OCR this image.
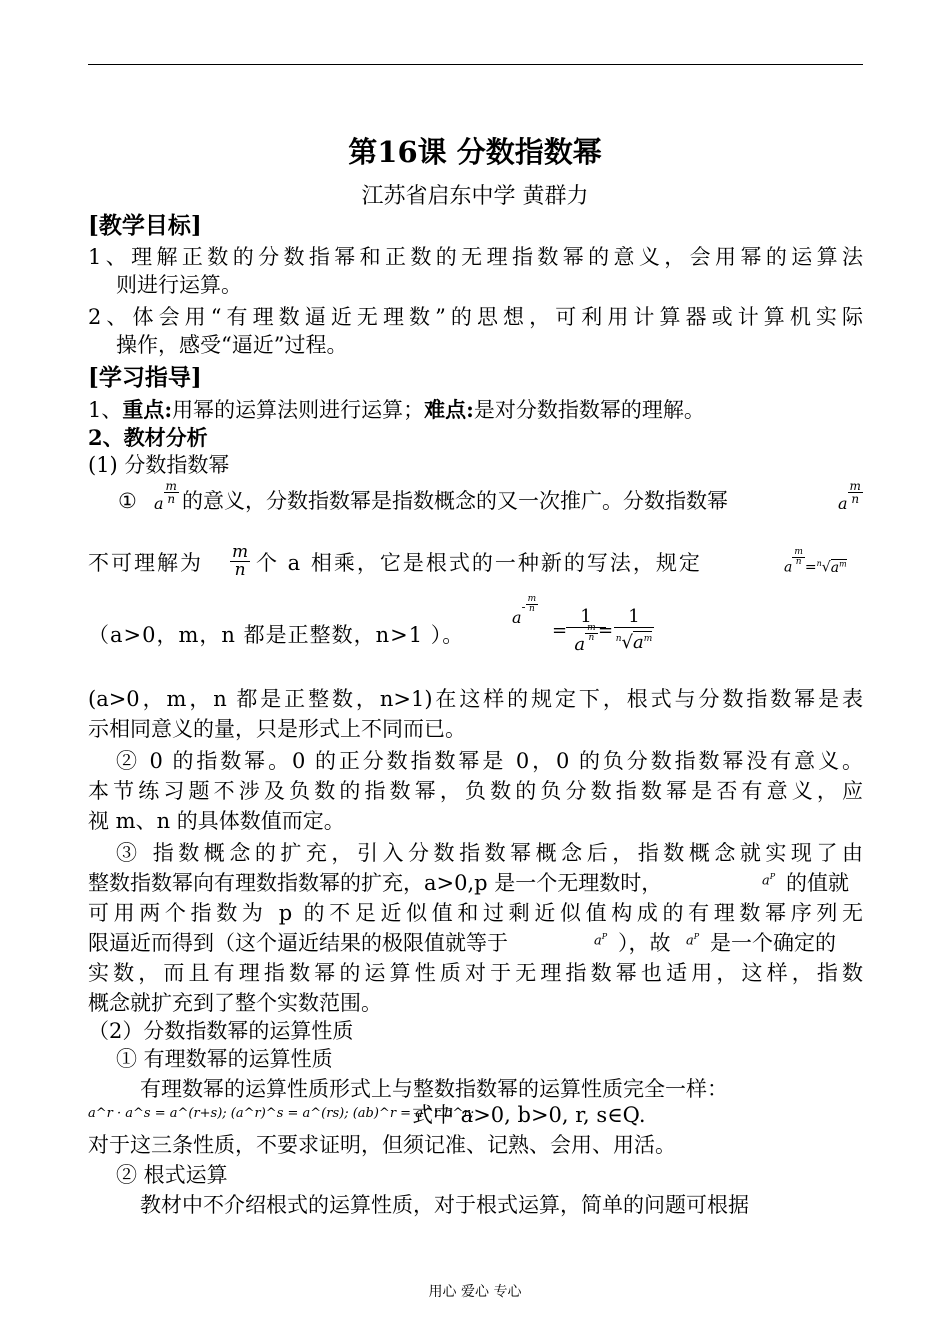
第16课 分数指数幂
江苏省启东中学 黄群力
[教学目标]
1、理解正数的分数指幂和正数的无理指数幂的意义，会用幂的运算法
则进行运算。
2、体会用“有理数逼近无理数”的思想，可利用计算器或计算机实际
操作，感受“逼近”过程。
[学习指导]
1、重点:用幂的运算法则进行运算；难点:是对分数指数幂的理解。
2、教材分析
(1) 分数指数幂
① a $\frac{m}{n}$ 的意义，分数指数幂是指数概念的又一次推广。分数指数幂	a $\frac{m}{n}$
不可理解为 $\frac{m}{n}$ 个 a 相乘，它是根式的一种新的写法，规定	a
$\frac{m}{n}$
$=^n√a^m$
（a>0，m，n 都是正整数，n>1 ）。
$a^- \frac{m}{n}$
=
1
a
$\frac{m}{n}$ =
1
$^n√a^m$
(a>0，m，n 都是正整数，n>1)在这样的规定下，根式与分数指数幂是表
示相同意义的量，只是形式上不同而已。
② 0 的指数幂。0 的正分数指数幂是 0，0 的负分数指数幂没有意义。
本节练习题不涉及负数的指数幂，负数的负分数指数幂是否有意义，应
视 m、n 的具体数值而定。
③ 指数概念的扩充，引入分数指数幂概念后，指数概念就实现了由
整数指数幂向有理数指数幂的扩充，a>0,p 是一个无理数时，	$a^P$ 的值就
可用两个指数为 p 的不足近似值和过剩近似值构成的有理数幂序列无
限逼近而得到（这个逼近结果的极限值就等于	$a^P$ ），故 $a^P$ 是一个确定的
实数，而且有理指数幂的运算性质对于无理指数幂也适用，这样，指数
概念就扩充到了整个实数范围。
（2）分数指数幂的运算性质
① 有理数幂的运算性质
有理数幂的运算性质形式上与整数指数幂的运算性质完全一样：
a^r · a^s = a^(r+s); (a^r)^s = a^(rs); (ab)^r = a^r b^r;
式中 a>0, b>0, r, s∈Q.
对于这三条性质，不要求证明，但须记准、记熟、会用、用活。
② 根式运算
教材中不介绍根式的运算性质，对于根式运算，简单的问题可根据
用心 爱心 专心
